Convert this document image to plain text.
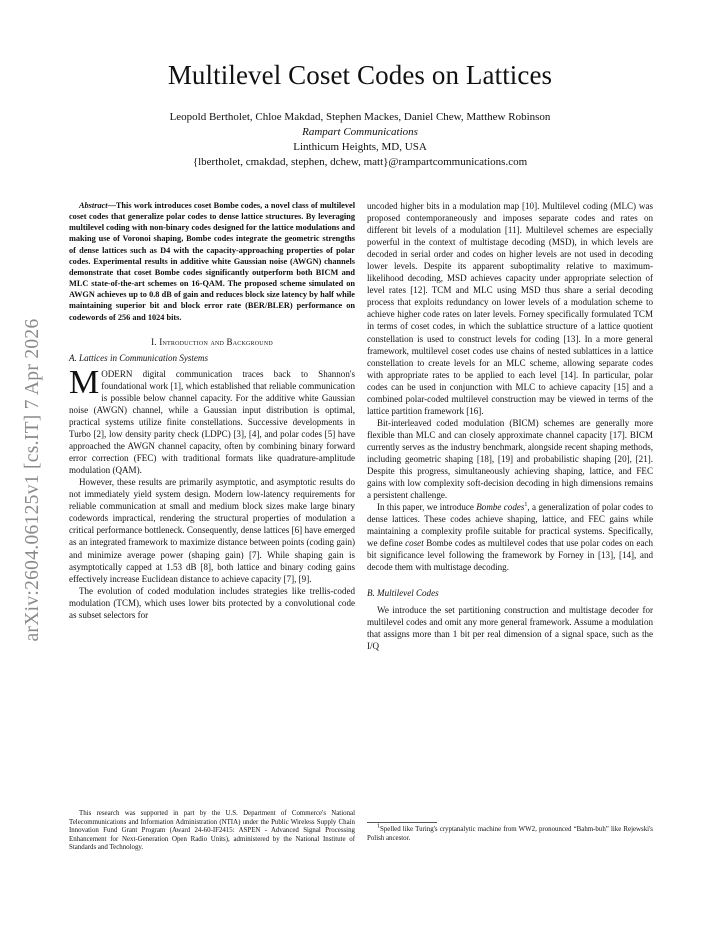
arXiv:2604.06125v1 [cs.IT] 7 Apr 2026
Multilevel Coset Codes on Lattices
Leopold Bertholet, Chloe Makdad, Stephen Mackes, Daniel Chew, Matthew Robinson
Rampart Communications
Linthicum Heights, MD, USA
{lbertholet, cmakdad, stephen, dchew, matt}@rampartcommunications.com
Abstract—This work introduces coset Bombe codes, a novel class of multilevel coset codes that generalize polar codes to dense lattice structures. By leveraging multilevel coding with non-binary codes designed for the lattice modulations and making use of Voronoi shaping, Bombe codes integrate the geometric strengths of dense lattices such as D4 with the capacity-approaching properties of polar codes. Experimental results in additive white Gaussian noise (AWGN) channels demonstrate that coset Bombe codes significantly outperform both BICM and MLC state-of-the-art schemes on 16-QAM. The proposed scheme simulated on AWGN achieves up to 0.8 dB of gain and reduces block size latency by half while maintaining superior bit and block error rate (BER/BLER) performance on codewords of 256 and 1024 bits.
I. Introduction and Background
A. Lattices in Communication Systems

MODERN digital communication traces back to Shannon's foundational work [1], which established that reliable communication is possible below channel capacity. For the additive white Gaussian noise (AWGN) channel, while a Gaussian input distribution is optimal, practical systems utilize finite constellations. Successive developments in Turbo [2], low density parity check (LDPC) [3], [4], and polar codes [5] have approached the AWGN channel capacity, often by combining binary forward error correction (FEC) with traditional formats like quadrature-amplitude modulation (QAM).

However, these results are primarily asymptotic, and asymptotic results do not immediately yield system design. Modern low-latency requirements for reliable communication at small and medium block sizes make large binary codewords impractical, rendering the structural properties of modulation a critical performance bottleneck. Consequently, dense lattices [6] have emerged as an integrated framework to maximize distance between points (coding gain) and minimize average power (shaping gain) [7]. While shaping gain is asymptotically capped at 1.53 dB [8], both lattice and binary coding gains effectively increase Euclidean distance to achieve capacity [7], [9].

The evolution of coded modulation includes strategies like trellis-coded modulation (TCM), which uses lower bits protected by a convolutional code as subset selectors for

uncoded higher bits in a modulation map [10]. Multilevel coding (MLC) was proposed contemporaneously and imposes separate codes and rates on different bit levels of a modulation [11]. Multilevel schemes are especially powerful in the context of multistage decoding (MSD), in which levels are decoded in serial order and codes on higher levels are not used in decoding lower levels. Despite its apparent suboptimality relative to maximum-likelihood decoding, MSD achieves capacity under appropriate selection of level rates [12]. TCM and MLC using MSD thus share a serial decoding process that exploits redundancy on lower levels of a modulation scheme to achieve higher code rates on later levels. Forney specifically formulated TCM in terms of coset codes, in which the sublattice structure of a lattice quotient constellation is used to construct levels for coding [13]. In a more general framework, multilevel coset codes use chains of nested sublattices in a lattice constellation to create levels for an MLC scheme, allowing separate codes with appropriate rates to be applied to each level [14]. In particular, polar codes can be used in conjunction with MLC to achieve capacity [15] and a combined polar-coded multilevel construction may be viewed in terms of the lattice partition framework [16].

Bit-interleaved coded modulation (BICM) schemes are generally more flexible than MLC and can closely approximate channel capacity [17]. BICM currently serves as the industry benchmark, alongside recent shaping methods, including geometric shaping [18], [19] and probabilistic shaping [20], [21]. Despite this progress, simultaneously achieving shaping, lattice, and FEC gains with low complexity soft-decision decoding in high dimensions remains a persistent challenge.

In this paper, we introduce Bombe codes$^1$, a generalization of polar codes to dense lattices. These codes achieve shaping, lattice, and FEC gains while maintaining a complexity profile suitable for practical systems. Specifically, we define coset Bombe codes as multilevel codes that use polar codes on each bit significance level following the framework by Forney in [13], [14], and decode them with multistage decoding.

B. Multilevel Codes

We introduce the set partitioning construction and multistage decoder for multilevel codes and omit any more general framework. Assume a modulation that assigns more than 1 bit per real dimension of a signal space, such as the I/Q

This research was supported in part by the U.S. Department of Commerce's National Telecommunications and Information Administration (NTIA) under the Public Wireless Supply Chain Innovation Fund Grant Program (Award 24-60-IF2415: ASPEN - Advanced Signal Processing Enhancement for Next-Generation Open Radio Units), administered by the National Institute of Standards and Technology.

$^1$Spelled like Turing's cryptanalytic machine from WW2, pronounced “Bahm-buh” like Rejewski's Polish ancestor.
